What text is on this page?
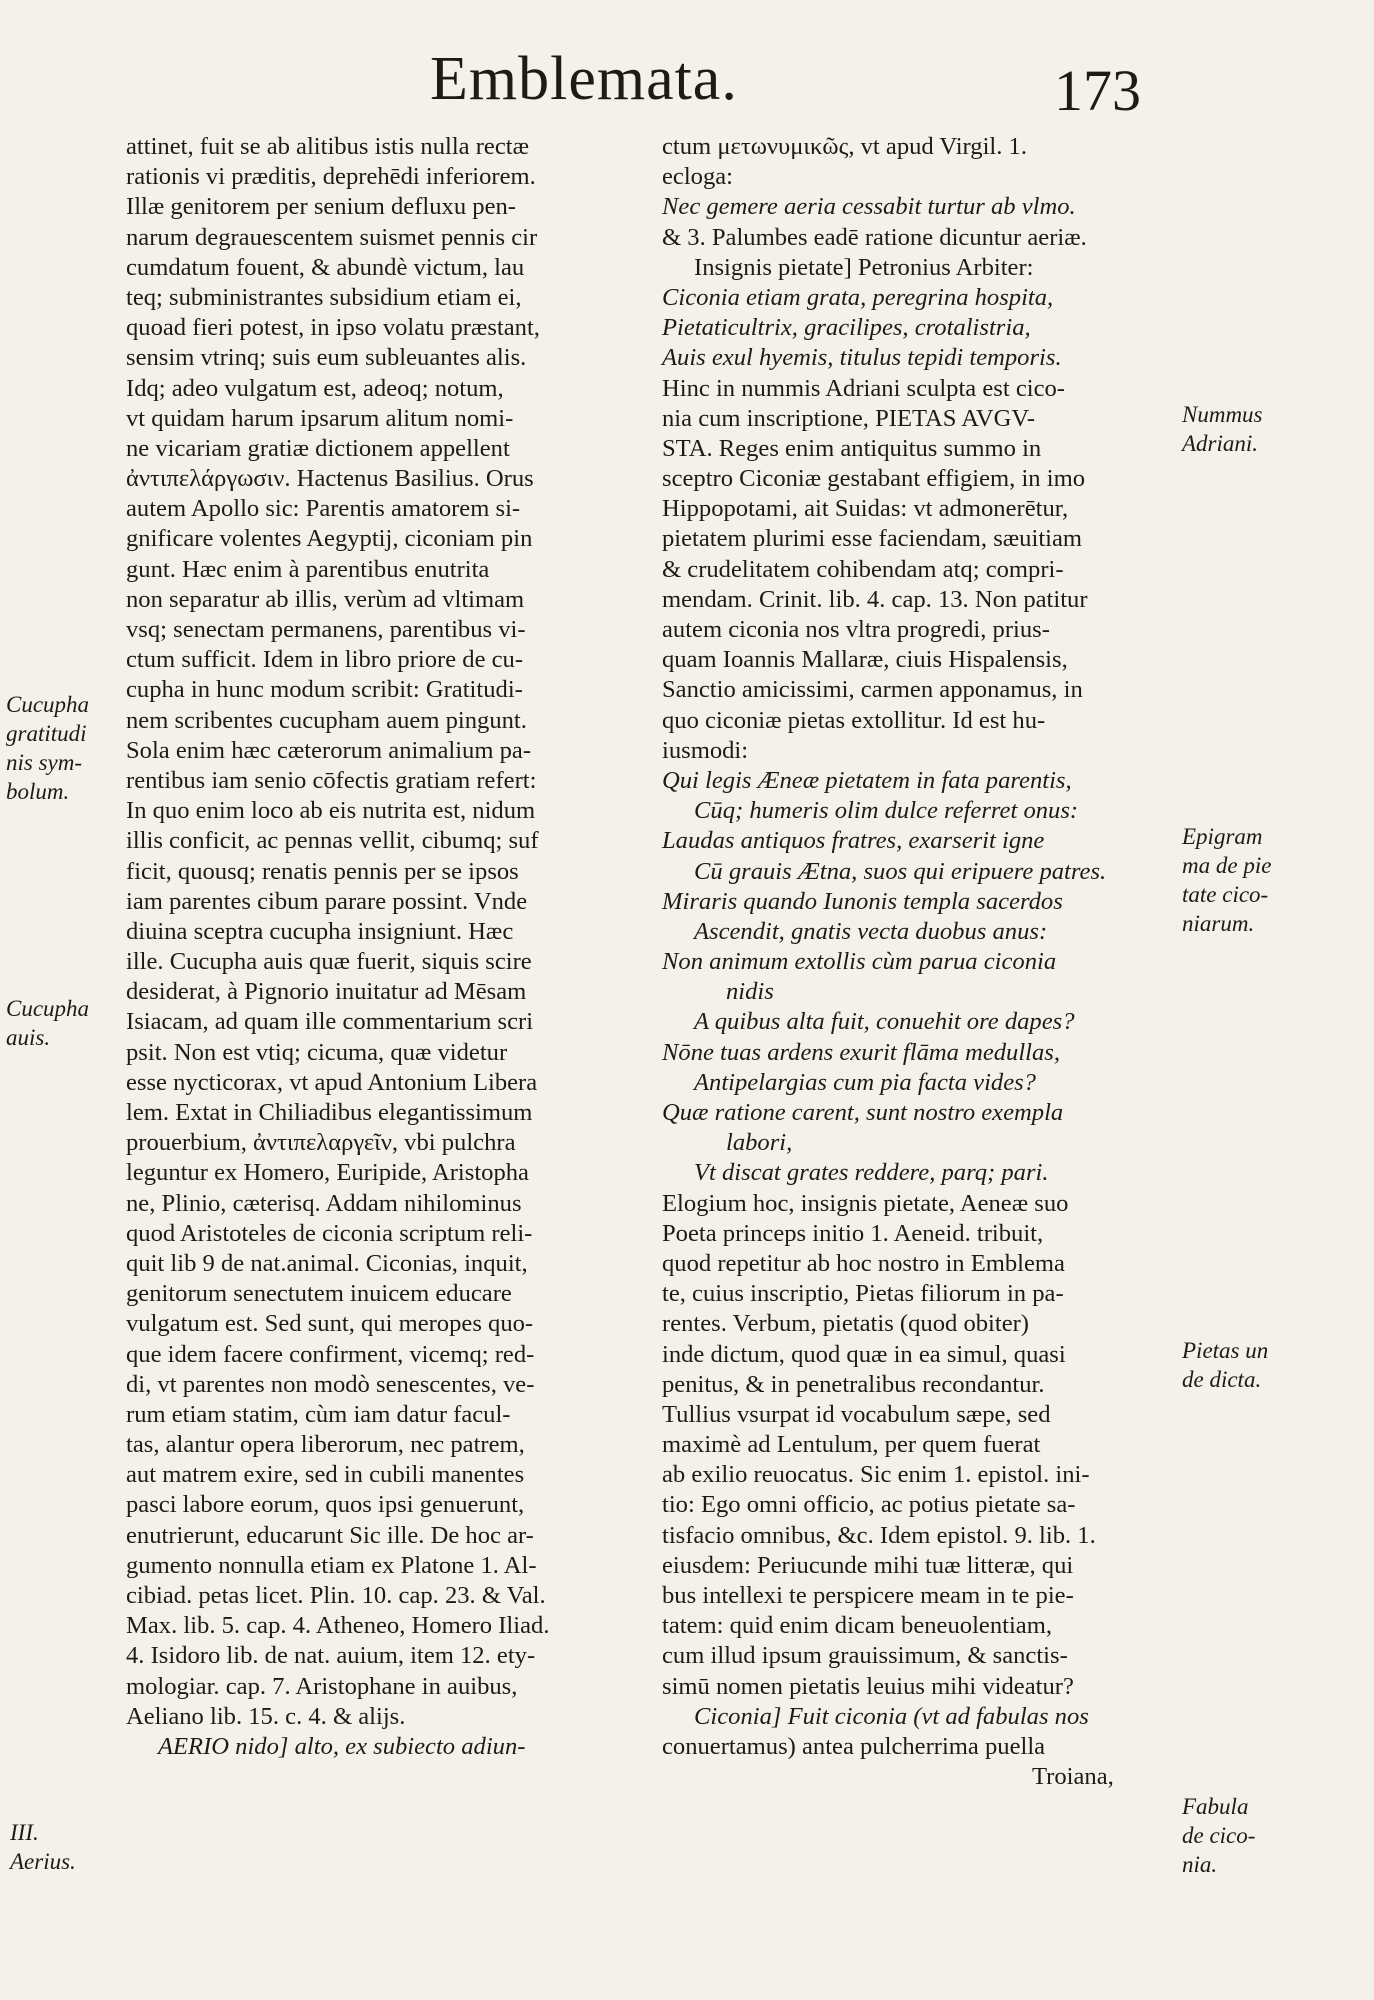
Emblemata.	173
attinet, fuit se ab alitibus istis nulla rectæ
rationis vi præditis, deprehēdi inferiorem.
Illæ genitorem per senium defluxu pen-
narum degrauescentem suismet pennis cir
cumdatum fouent, & abundè victum, lau
teq; subministrantes subsidium etiam ei,
quoad fieri potest, in ipso volatu præstant,
sensim vtrinq; suis eum subleuantes alis.
Idq; adeo vulgatum est, adeoq; notum,
vt quidam harum ipsarum alitum nomi-
ne vicariam gratiæ dictionem appellent
ἀντιπελάργωσιν. Hactenus Basilius. Orus
autem Apollo sic: Parentis amatorem si-
gnificare volentes Aegyptij, ciconiam pin
gunt. Hæc enim à parentibus enutrita
non separatur ab illis, verùm ad vltimam
vsq; senectam permanens, parentibus vi-
ctum sufficit. Idem in libro priore de cu-
cupha in hunc modum scribit: Gratitudi-
nem scribentes cucupham auem pingunt.
Sola enim hæc cæterorum animalium pa-
rentibus iam senio cōfectis gratiam refert:
In quo enim loco ab eis nutrita est, nidum
illis conficit, ac pennas vellit, cibumq; suf
ficit, quousq; renatis pennis per se ipsos
iam parentes cibum parare possint. Vnde
diuina sceptra cucupha insigniunt. Hæc
ille. Cucupha auis quæ fuerit, siquis scire
desiderat, à Pignorio inuitatur ad Mēsam
Isiacam, ad quam ille commentarium scri
psit. Non est vtiq; cicuma, quæ videtur
esse nycticorax, vt apud Antonium Libera
lem. Extat in Chiliadibus elegantissimum
prouerbium, ἀντιπελαργεῖν, vbi pulchra
leguntur ex Homero, Euripide, Aristopha
ne, Plinio, cæterisq. Addam nihilominus
quod Aristoteles de ciconia scriptum reli-
quit lib 9 de nat.animal. Ciconias, inquit,
genitorum senectutem inuicem educare
vulgatum est. Sed sunt, qui meropes quo-
que idem facere confirment, vicemq; red-
di, vt parentes non modò senescentes, ve-
rum etiam statim, cùm iam datur facul-
tas, alantur opera liberorum, nec patrem,
aut matrem exire, sed in cubili manentes
pasci labore eorum, quos ipsi genuerunt,
enutrierunt, educarunt Sic ille. De hoc ar-
gumento nonnulla etiam ex Platone 1. Al-
cibiad. petas licet. Plin. 10. cap. 23. & Val.
Max. lib. 5. cap. 4. Atheneo, Homero Iliad.
4. Isidoro lib. de nat. auium, item 12. ety-
mologiar. cap. 7. Aristophane in auibus,
Aeliano lib. 15. c. 4. & alijs.
AERIO nido] alto, ex subiecto adiun-
ctum μετωνυμικῶς, vt apud Virgil. 1.
ecloga:
Nec gemere aeria cessabit turtur ab vlmo.
& 3. Palumbes eadē ratione dicuntur aeriæ.
Insignis pietate] Petronius Arbiter:
Ciconia etiam grata, peregrina hospita,
Pietaticultrix, gracilipes, crotalistria,
Auis exul hyemis, titulus tepidi temporis.
Hinc in nummis Adriani sculpta est cico-
nia cum inscriptione, PIETAS AVGV-
STA. Reges enim antiquitus summo in
sceptro Ciconiæ gestabant effigiem, in imo
Hippopotami, ait Suidas: vt admonerētur,
pietatem plurimi esse faciendam, sæuitiam
& crudelitatem cohibendam atq; compri-
mendam. Crinit. lib. 4. cap. 13. Non patitur
autem ciconia nos vltra progredi, prius-
quam Ioannis Mallaræ, ciuis Hispalensis,
Sanctio amicissimi, carmen apponamus, in
quo ciconiæ pietas extollitur. Id est hu-
iusmodi:
Qui legis Æneæ pietatem in fata parentis,
Cūq; humeris olim dulce referret onus:
Laudas antiquos fratres, exarserit igne
Cū grauis Ætna, suos qui eripuere patres.
Miraris quando Iunonis templa sacerdos
Ascendit, gnatis vecta duobus anus:
Non animum extollis cùm parua ciconia
nidis
A quibus alta fuit, conuehit ore dapes?
Nōne tuas ardens exurit flāma medullas,
Antipelargias cum pia facta vides?
Quæ ratione carent, sunt nostro exempla
labori,
Vt discat grates reddere, parq; pari.
Elogium hoc, insignis pietate, Aeneæ suo
Poeta princeps initio 1. Aeneid. tribuit,
quod repetitur ab hoc nostro in Emblema
te, cuius inscriptio, Pietas filiorum in pa-
rentes. Verbum, pietatis (quod obiter)
inde dictum, quod quæ in ea simul, quasi
penitus, & in penetralibus recondantur.
Tullius vsurpat id vocabulum sæpe, sed
maximè ad Lentulum, per quem fuerat
ab exilio reuocatus. Sic enim 1. epistol. ini-
tio: Ego omni officio, ac potius pietate sa-
tisfacio omnibus, &c. Idem epistol. 9. lib. 1.
eiusdem: Periucunde mihi tuæ litteræ, qui
bus intellexi te perspicere meam in te pie-
tatem: quid enim dicam beneuolentiam,
cum illud ipsum grauissimum, & sanctis-
simū nomen pietatis leuius mihi videatur?
Ciconia] Fuit ciconia (vt ad fabulas nos
conuertamus) antea pulcherrima puella
Troiana,
Cucupha
gratitudi
nis sym-
bolum.
Cucupha
auis.
III.
Aerius.
Nummus
Adriani.
Epigram
ma de pie
tate cico-
niarum.
Pietas un
de dicta.
Fabula
de cico-
nia.
